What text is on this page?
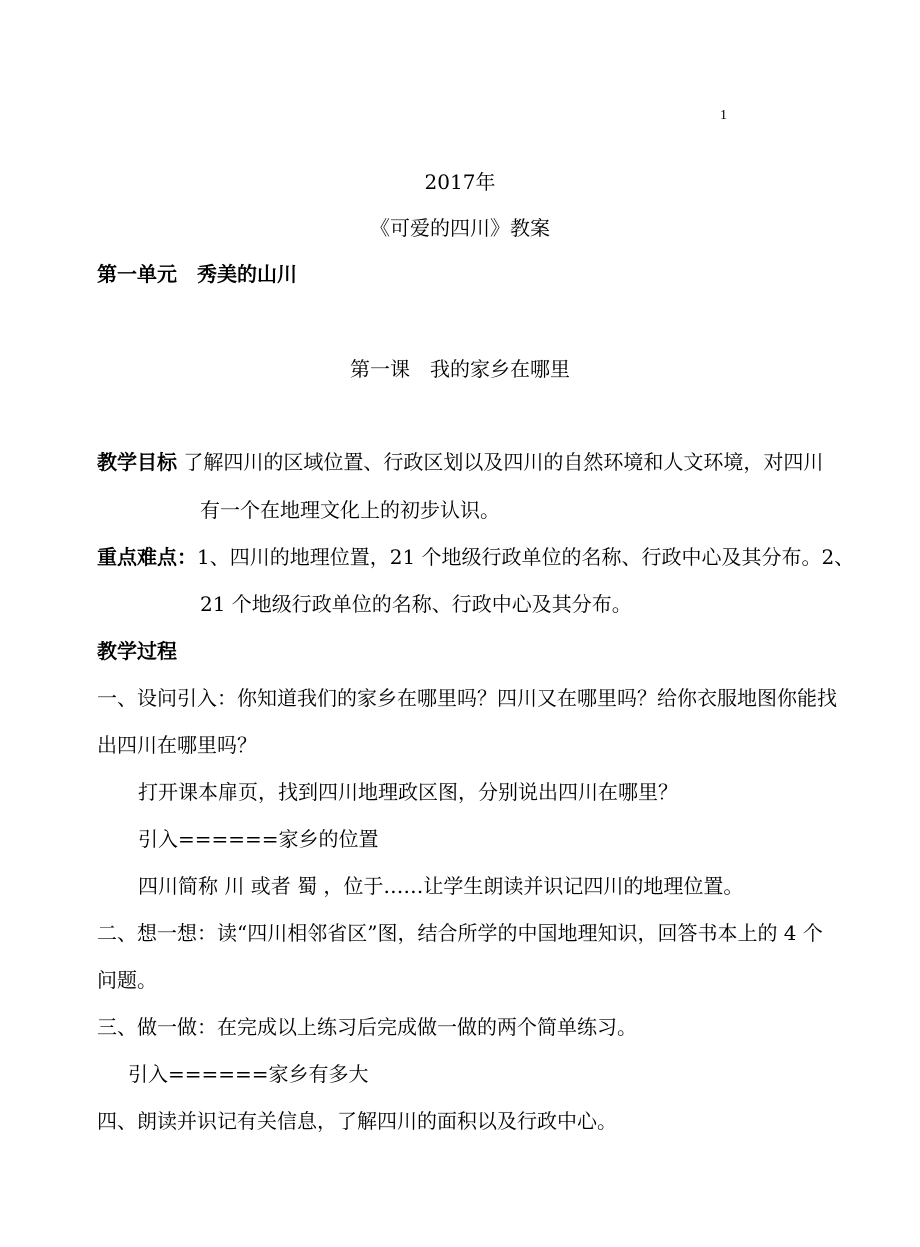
1
2017年
《可爱的四川》教案
第一单元　秀美的山川
第一课　我的家乡在哪里
教学目标 了解四川的区域位置、行政区划以及四川的自然环境和人文环境，对四川
有一个在地理文化上的初步认识。
重点难点：1、四川的地理位置，21 个地级行政单位的名称、行政中心及其分布。2、
21 个地级行政单位的名称、行政中心及其分布。
教学过程
一、设问引入：你知道我们的家乡在哪里吗？四川又在哪里吗？给你衣服地图你能找
出四川在哪里吗？
打开课本扉页，找到四川地理政区图，分别说出四川在哪里？
引入======家乡的位置
四川简称 川 或者 蜀 ，位于……让学生朗读并识记四川的地理位置。
二、想一想：读“四川相邻省区”图，结合所学的中国地理知识，回答书本上的 4 个
问题。
三、做一做：在完成以上练习后完成做一做的两个简单练习。
引入======家乡有多大
四、朗读并识记有关信息，了解四川的面积以及行政中心。
